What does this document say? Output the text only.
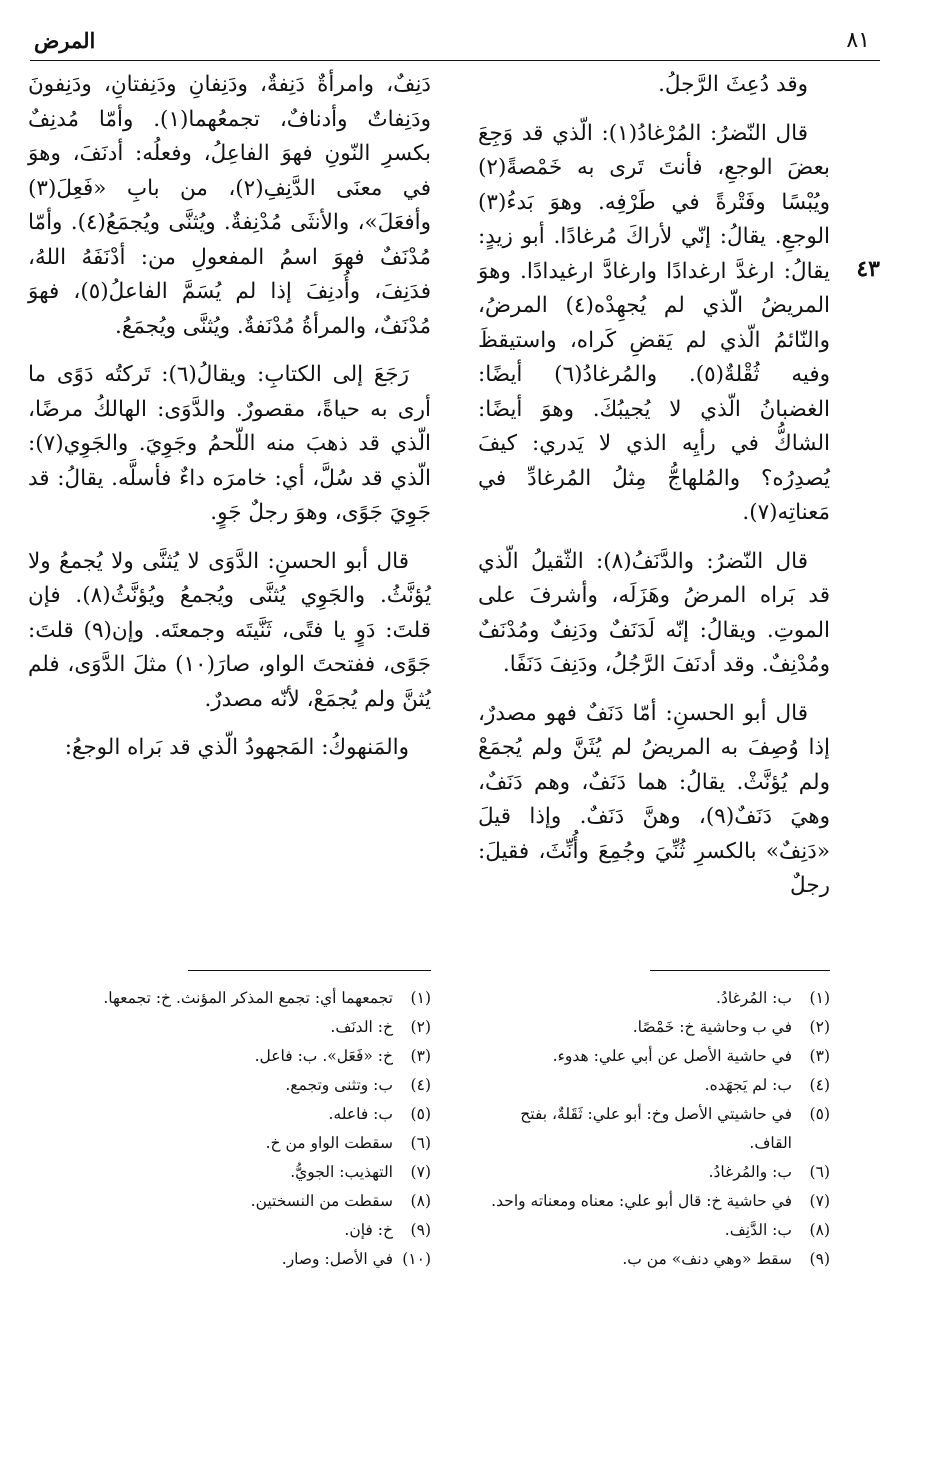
٨١
المرض
٤٣

وقد دُعِثَ الرَّجلُ.

قال النّضرُ: المُرْغادُ(١): الّذي قد وَجِعَ بعضَ الوجعِ، فأنتَ تَرى به خَمْصةً(٢) ويُبْسًا وفَتْرةً في طَرْفِه. وهوَ بَدءُ(٣) الوجعِ. يقالُ: إنّي لأراكَ مُرغادًا. أبو زيدٍ: يقالُ: ارغدَّ ارغدادًا وارغادَّ ارغيدادًا. وهوَ المريضُ الّذي لم يُجهِدْه(٤) المرضُ، والنّائمُ الّذي لم يَقضِ كَراه، واستيقظَ وفيه ثُقْلةٌ(٥). والمُرغادُ(٦) أيضًا: الغضبانُ الّذي لا يُجيبُكَ. وهوَ أيضًا: الشاكُّ في رأيِه الذي لا يَدري: كيفَ يُصدِرُه؟ والمُلهاجُّ مِثلُ المُرغادِّ في مَعناتِه(٧).

قال النّضرُ: والدَّنَفُ(٨): الثّقيلُ الّذي قد بَراه المرضُ وهَزَلَه، وأشرفَ على الموتِ. ويقالُ: إنّه لَدَنَفٌ ودَنِفٌ ومُدْنَفٌ ومُدْنِفٌ. وقد أدنَفَ الرَّجُلُ، ودَنِفَ دَنَفًا.

قال أبو الحسنِ: أمّا دَنَفٌ فهو مصدرٌ، إذا وُصِفَ به المريضُ لم يُثَنَّ ولم يُجمَعْ ولم يُؤنَّثْ. يقالُ: هما دَنَفٌ، وهم دَنَفٌ، وهيَ دَنَفٌ(٩)، وهنَّ دَنَفٌ. وإذا قيلَ «دَنِفٌ» بالكسرِ ثُنِّيَ وجُمِعَ وأُنِّثَ، فقيلَ: رجلٌ

دَنِفٌ، وامرأةٌ دَنِفةٌ، ودَنِفانِ ودَنِفتانِ، ودَنِفونَ ودَنِفاتٌ وأدنافٌ، تجمعُهما(١). وأمّا مُدنِفٌ بكسرِ النّونِ فهوَ الفاعِلُ، وفعلُه: أدنَفَ، وهوَ في معنَى الدَّنِفِ(٢)، من بابِ «فَعِلَ(٣) وأفعَلَ»، والأنثَى مُدْنِفةٌ. ويُثنَّى ويُجمَعُ(٤). وأمّا مُدْنَفٌ فهوَ اسمُ المفعولِ من: أدْنَفَهُ اللهُ، فدَنِفَ، وأُدنِفَ إذا لم يُسَمَّ الفاعلُ(٥)، فهوَ مُدْنَفٌ، والمرأةُ مُدْنَفةٌ. ويُثنَّى ويُجمَعُ.

رَجَعَ إلى الكتابِ: ويقالُ(٦): تَركتُه دَوًى ما أرى به حياةً، مقصورٌ. والدَّوَى: الهالكُ مرضًا، الّذي قد ذهبَ منه اللّحمُ وجَوِيَ. والجَوِي(٧): الّذي قد سُلَّ، أي: خامرَه داءٌ فأسلَّه. يقالُ: قد جَوِيَ جَوًى، وهوَ رجلٌ جَوٍ.

قال أبو الحسنِ: الدَّوَى لا يُثنَّى ولا يُجمعُ ولا يُؤنَّثُ. والجَوِي يُثنَّى ويُجمعُ ويُؤنَّثُ(٨). فإن قلتَ: دَوٍ يا فتًى، ثَنَّيتَه وجمعتَه. وإن(٩) قلتَ: جَوًى، ففتحتَ الواو، صارَ(١٠) مثلَ الدَّوَى، فلم يُثنَّ ولم يُجمَعْ، لأنّه مصدرٌ.

والمَنهوكُ: المَجهودُ الّذي قد بَراه الوجعُ:

(١)
ب: المُرغادُ.
(٢)
في ب وحاشية خ: خَمْصًا.
(٣)
في حاشية الأصل عن أبي علي: هدوء.
(٤)
ب: لم يَجهَده.
(٥)
في حاشيتي الأصل وخ: أبو علي: ثَقَلةٌ، بفتح القاف.
(٦)
ب: والمُرغادُ.
(٧)
في حاشية خ: قال أبو علي: معناه ومعناته واحد.
(٨)
ب: الدَّنِف.
(٩)
سقط «وهي دنف» من ب.
(١)
تجمعهما أي: تجمع المذكر المؤنث. خ: تجمعها.
(٢)
خ: الدنَف.
(٣)
خ: «فَعَل». ب: فاعل.
(٤)
ب: وتثنى وتجمع.
(٥)
ب: فاعله.
(٦)
سقطت الواو من خ.
(٧)
التهذيب: الجويُّ.
(٨)
سقطت من النسختين.
(٩)
خ: فإن.
(١٠)
في الأصل: وصار.
